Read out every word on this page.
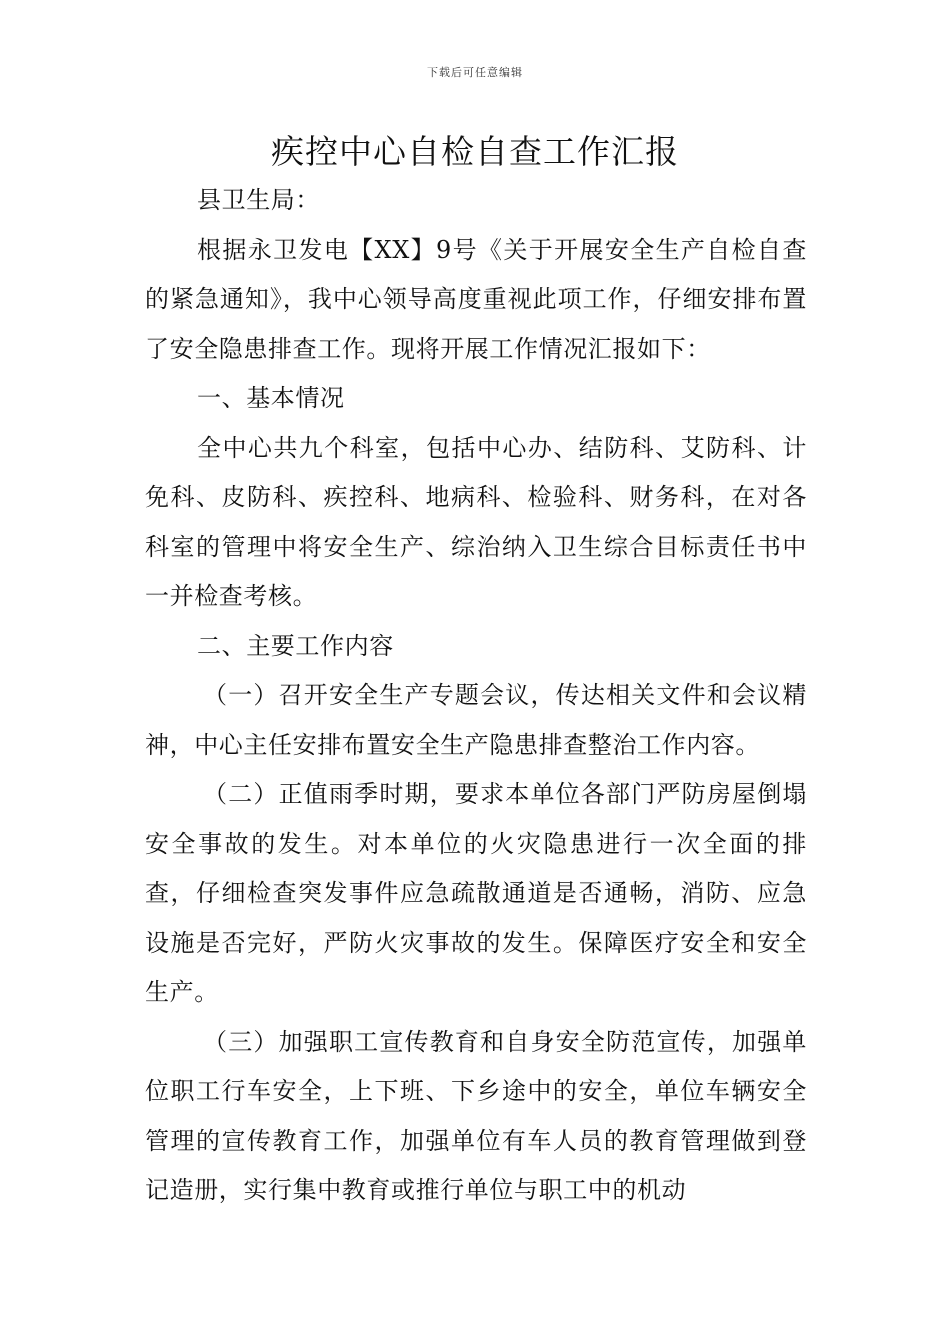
下载后可任意编辑
疾控中心自检自查工作汇报

县卫生局：

根据永卫发电【XX】9号《关于开展安全生产自检自查的紧急通知》，我中心领导高度重视此项工作，仔细安排布置了安全隐患排查工作。现将开展工作情况汇报如下：

一、基本情况

全中心共九个科室，包括中心办、结防科、艾防科、计免科、皮防科、疾控科、地病科、检验科、财务科，在对各科室的管理中将安全生产、综治纳入卫生综合目标责任书中一并检查考核。

二、主要工作内容

（一）召开安全生产专题会议，传达相关文件和会议精神，中心主任安排布置安全生产隐患排查整治工作内容。

（二）正值雨季时期，要求本单位各部门严防房屋倒塌安全事故的发生。对本单位的火灾隐患进行一次全面的排查，仔细检查突发事件应急疏散通道是否通畅，消防、应急设施是否完好，严防火灾事故的发生。保障医疗安全和安全生产。

（三）加强职工宣传教育和自身安全防范宣传，加强单位职工行车安全，上下班、下乡途中的安全，单位车辆安全管理的宣传教育工作，加强单位有车人员的教育管理做到登记造册，实行集中教育或推行单位与职工中的机动
